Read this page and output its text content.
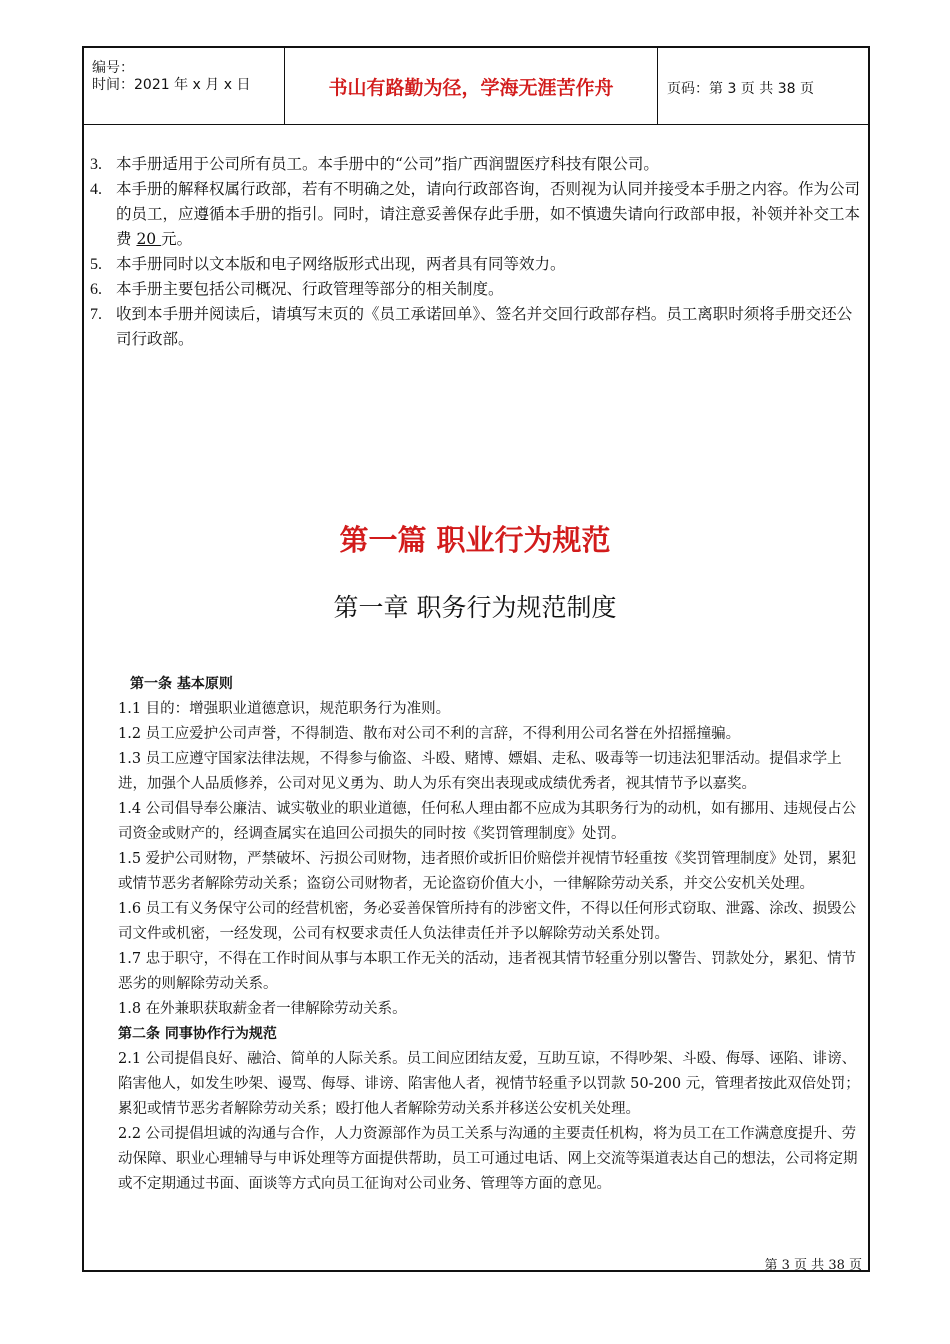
编号：
时间：2021 年 x 月 x 日	书山有路勤为径，学海无涯苦作舟	页码：第 3 页 共 38 页
3. 本手册适用于公司所有员工。本手册中的“公司”指广西润盟医疗科技有限公司。
4. 本手册的解释权属行政部，若有不明确之处，请向行政部咨询，否则视为认同并接受本手册之内容。作为公司的员工，应遵循本手册的指引。同时，请注意妥善保存此手册，如不慎遗失请向行政部申报，补领并补交工本费 20 元。
5. 本手册同时以文本版和电子网络版形式出现，两者具有同等效力。
6. 本手册主要包括公司概况、行政管理等部分的相关制度。
7. 收到本手册并阅读后，请填写末页的《员工承诺回单》、签名并交回行政部存档。员工离职时须将手册交还公司行政部。
第一篇 职业行为规范
第一章 职务行为规范制度
第一条 基本原则
1.1 目的：增强职业道德意识，规范职务行为准则。
1.2 员工应爱护公司声誉，不得制造、散布对公司不利的言辞，不得利用公司名誉在外招摇撞骗。
1.3 员工应遵守国家法律法规，不得参与偷盗、斗殴、赌博、嫖娼、走私、吸毒等一切违法犯罪活动。提倡求学上进，加强个人品质修养，公司对见义勇为、助人为乐有突出表现或成绩优秀者，视其情节予以嘉奖。
1.4 公司倡导奉公廉洁、诚实敬业的职业道德，任何私人理由都不应成为其职务行为的动机，如有挪用、违规侵占公司资金或财产的，经调查属实在追回公司损失的同时按《奖罚管理制度》处罚。
1.5 爱护公司财物，严禁破坏、污损公司财物，违者照价或折旧价赔偿并视情节轻重按《奖罚管理制度》处罚，累犯或情节恶劣者解除劳动关系；盗窃公司财物者，无论盗窃价值大小，一律解除劳动关系，并交公安机关处理。
1.6 员工有义务保守公司的经营机密，务必妥善保管所持有的涉密文件，不得以任何形式窃取、泄露、涂改、损毁公司文件或机密，一经发现，公司有权要求责任人负法律责任并予以解除劳动关系处罚。
1.7 忠于职守，不得在工作时间从事与本职工作无关的活动，违者视其情节轻重分别以警告、罚款处分，累犯、情节恶劣的则解除劳动关系。
1.8 在外兼职获取薪金者一律解除劳动关系。
第二条 同事协作行为规范
2.1 公司提倡良好、融洽、简单的人际关系。员工间应团结友爱，互助互谅，不得吵架、斗殴、侮辱、诬陷、诽谤、陷害他人，如发生吵架、谩骂、侮辱、诽谤、陷害他人者，视情节轻重予以罚款 50-200 元，管理者按此双倍处罚；累犯或情节恶劣者解除劳动关系；殴打他人者解除劳动关系并移送公安机关处理。
2.2 公司提倡坦诚的沟通与合作，人力资源部作为员工关系与沟通的主要责任机构，将为员工在工作满意度提升、劳动保障、职业心理辅导与申诉处理等方面提供帮助，员工可通过电话、网上交流等渠道表达自己的想法，公司将定期或不定期通过书面、面谈等方式向员工征询对公司业务、管理等方面的意见。
第 3 页 共 38 页
